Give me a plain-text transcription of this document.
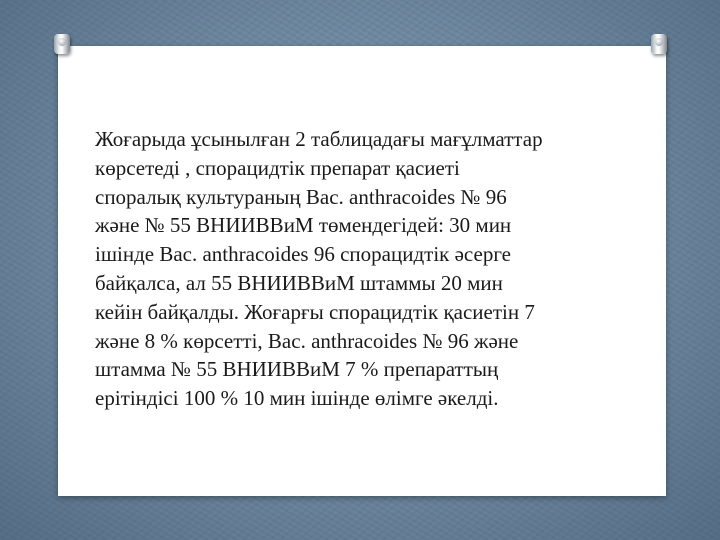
Жоғарыда ұсынылған 2 таблицадағы мағұлматтар
көрсетеді , спорацидтік препарат қасиеті
споралық культураның Bac. anthracoides № 96
және № 55 ВНИИВВиМ төмендегідей: 30 мин
ішінде Bac. anthracoides 96 спорацидтік әсерге
байқалса, ал 55 ВНИИВВиМ штаммы 20 мин
кейін байқалды. Жоғарғы спорацидтік қасиетін 7
және 8 % көрсетті, Bac. anthracoides № 96 және
штамма № 55 ВНИИВВиМ 7 % препараттың
ерітіндісі 100 % 10 мин ішінде өлімге әкелді.
